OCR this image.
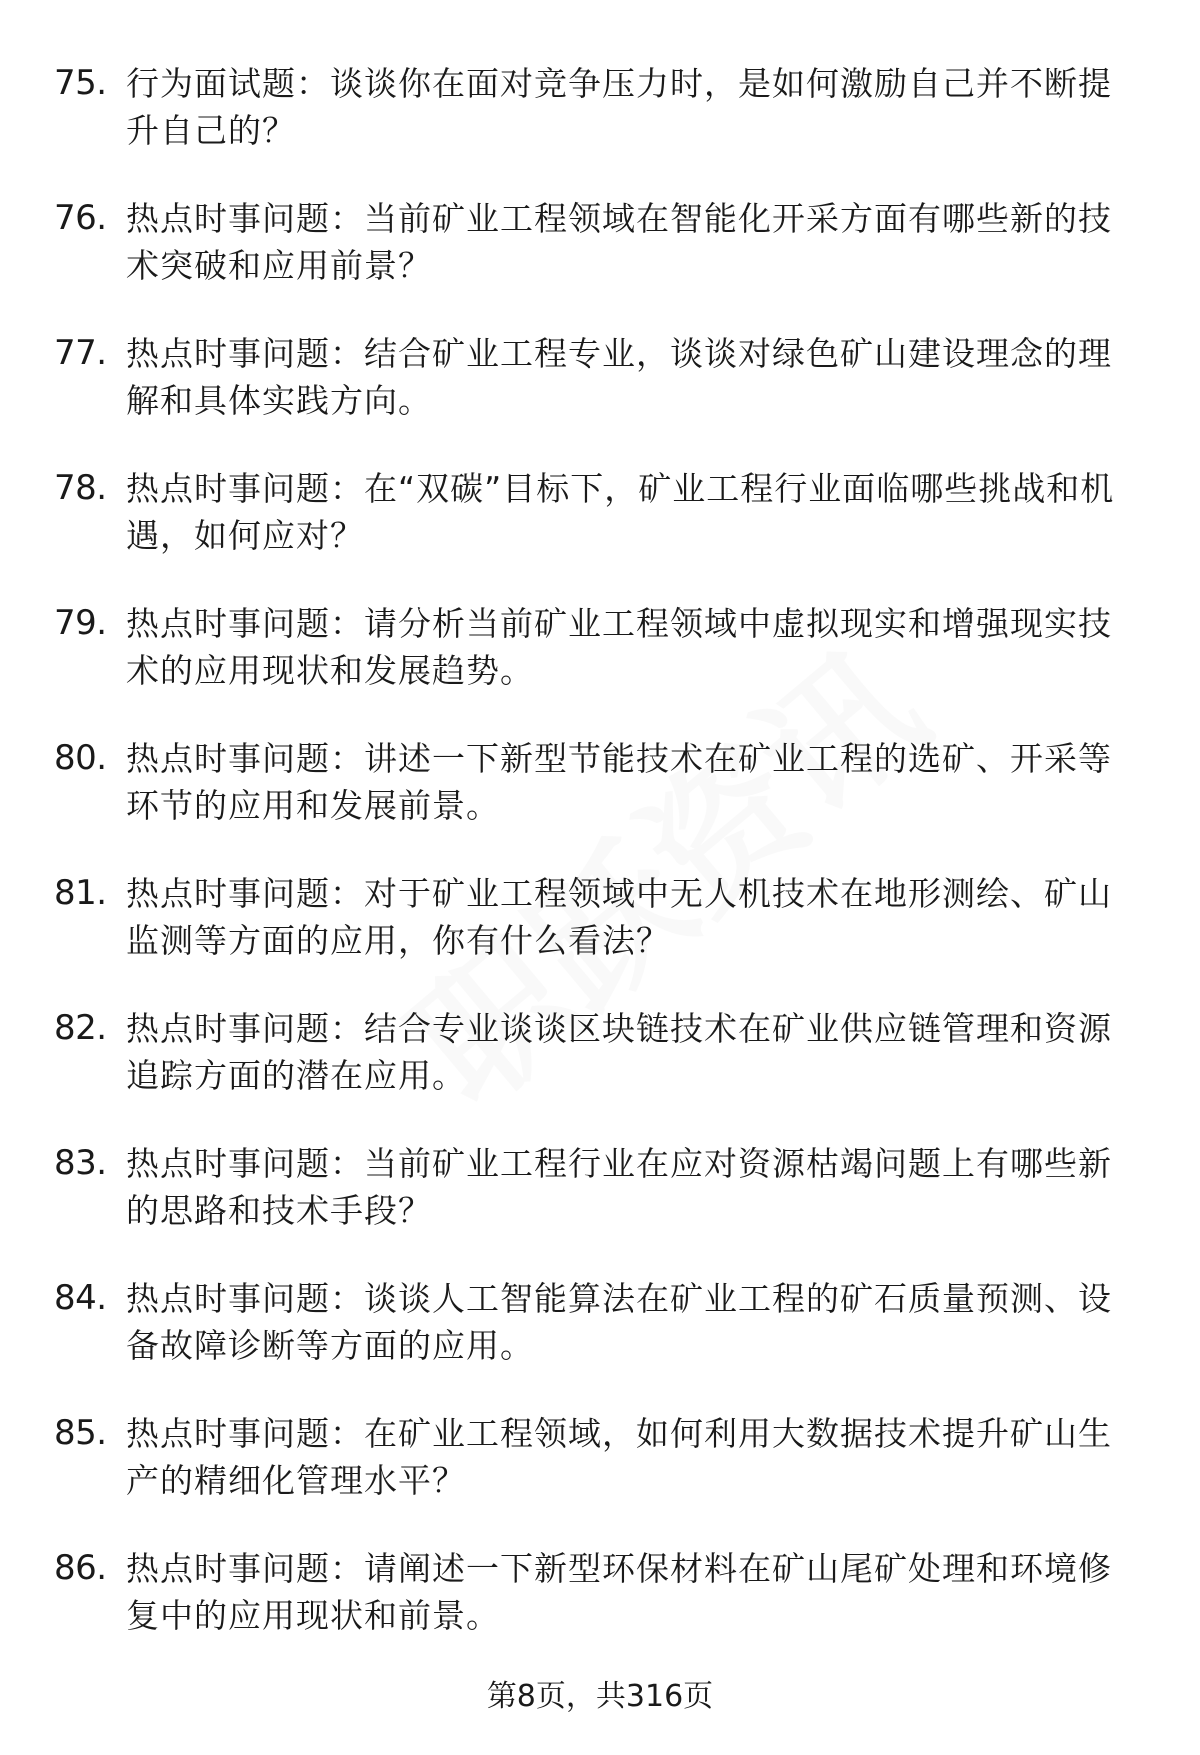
75. 行为面试题：谈谈你在面对竞争压力时，是如何激励自己并不断提升自己的？
76. 热点时事问题：当前矿业工程领域在智能化开采方面有哪些新的技术突破和应用前景？
77. 热点时事问题：结合矿业工程专业，谈谈对绿色矿山建设理念的理解和具体实践方向。
78. 热点时事问题：在“双碳”目标下，矿业工程行业面临哪些挑战和机遇，如何应对？
79. 热点时事问题：请分析当前矿业工程领域中虚拟现实和增强现实技术的应用现状和发展趋势。
80. 热点时事问题：讲述一下新型节能技术在矿业工程的选矿、开采等环节的应用和发展前景。
81. 热点时事问题：对于矿业工程领域中无人机技术在地形测绘、矿山监测等方面的应用，你有什么看法？
82. 热点时事问题：结合专业谈谈区块链技术在矿业供应链管理和资源追踪方面的潜在应用。
83. 热点时事问题：当前矿业工程行业在应对资源枯竭问题上有哪些新的思路和技术手段？
84. 热点时事问题：谈谈人工智能算法在矿业工程的矿石质量预测、设备故障诊断等方面的应用。
85. 热点时事问题：在矿业工程领域，如何利用大数据技术提升矿山生产的精细化管理水平？
86. 热点时事问题：请阐述一下新型环保材料在矿山尾矿处理和环境修复中的应用现状和前景。
第8页，共316页
